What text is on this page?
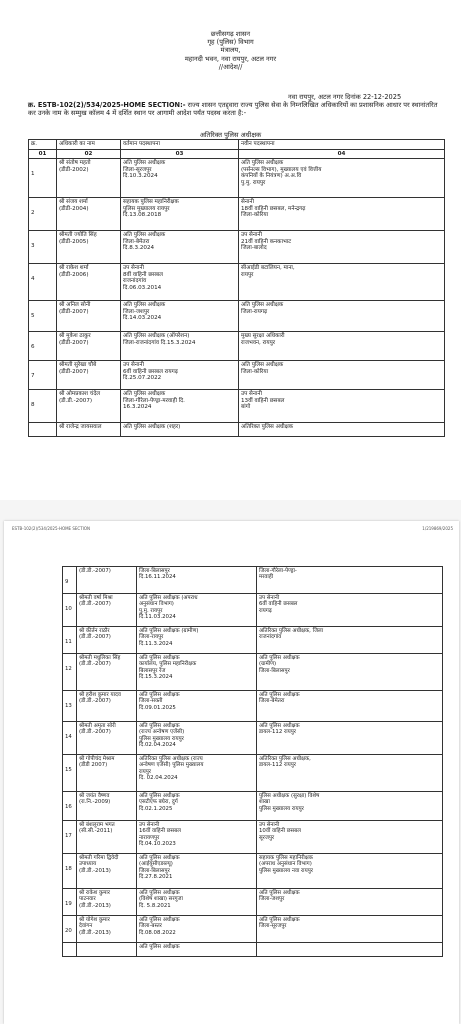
छत्तीसगढ़ शासन
गृह (पुलिस) विभाग
मंत्रालय,
महानदी भवन, नवा रायपुर, अटल नगर
//आदेश//
नवा रायपुर, अटल नगर दिनांक 22-12-2025
क्र. ESTB-102(2)/534/2025-HOME SECTION:- राज्य शासन एतद्द्वारा राज्य पुलिस सेवा के निम्नलिखित अधिकारियों का प्रशासनिक आधार पर स्थानांतरित कर उनके नाम के सम्मुख कॉलम 4 में दर्शित स्थान पर आगामी आदेश पर्यंत पदस्थ करता है:-
अतिरिक्त पुलिस अधीक्षक
क्र.	अधिकारी का नाम	वर्तमान पदस्थापना	नवीन पदस्थापना
01	02	03	04

1	श्री संतोष महतो
(डीडी-2002)	अति पुलिस अधीक्षक
जिला-सूरजपुर
दि.10.3.2024	अति पुलिस अधीक्षक
(पर्सनल्स विभाग), मुख्यालय एवं वित्तीय
कंपनियों के नियंत्रण) अ.अ.वि
पु.मु. रायपुर

2	श्री संजय शर्मा
(डीडी-2004)	सहायक पुलिस महानिरीक्षक
पुलिस मुख्यालय रायपुर
दि.13.08.2018	सेनानी
18वीं वाहिनी छसबल, मनेन्द्रगढ़
जिला-कोरिया

3	श्रीमती ज्योति सिंह
(डीडी-2005)	अति पुलिस अधीक्षक
जिला-बेमेतरा
दि.8.3.2024	उप सेनानी
21वीं वाहिनी कनकाभाट
जिला-बालोद

4	श्री राकेश शर्मा
(डीडी-2006)	उप सेनानी
8वीं वाहिनी छसबल
राजनांदगांव
दि.06.03.2014	सीआईडी बटालियन, माना,
रायपुर

5	श्री अनिल सोनी
(डीडी-2007)	अति पुलिस अधीक्षक
जिला-जशपुर
दि.14.03.2024	अति पुलिस अधीक्षक
जिला-रायगढ़

6	श्री मुकेश ठाकुर
(डीडी-2007)	अति पुलिस अधीक्षक (ऑपरेशन)
जिला-राजनांदगांव दि.15.3.2024	मुख्य सुरक्षा अधिकारी
राजभवन, रायपुर

7	श्रीमती सुरेखा चौबे
(डीडी-2007)	उप सेनानी
6वीं वाहिनी छसबल रायगढ़
दि.25.07.2022	अति पुलिस अधीक्षक
जिला-कोरिया

8	श्री ओमप्रकाश चंदेल
(डी.डी.-2007)	अति पुलिस अधीक्षक
जिला-गौरेला-पेण्ड्रा-मरवाही दि.
16.3.2024	उप सेनानी
13वीं वाहिनी छसबल
बांगो

	श्री राजेन्द्र जायसवाल	अति पुलिस अधीक्षक (शहर)	अतिरिक्त पुलिस अधीक्षक
ESTB-102(2)/534/2025-HOME SECTION	1/219869/2025
9	(डी.डी.-2007)	जिला-बिलासपुर
दि.16.11.2024	जिला-गौरेला-पेण्ड्रा-
मरवाही

10	श्रीमती वर्षा मिश्रा
(डी.डी.-2007)	अति पुलिस अधीक्षक (अपराध
अनुसंधान विभाग)
पु.मु. रायपुर
दि.11.03.2024	उप सेनानी
6वीं वाहिनी छसबल
रायगढ़

11	श्री कीर्तन राठौर
(डी.डी.-2007)	अति पुलिस अधीक्षक (ग्रामीण)
जिला-रायपुर
दि.11.3.2024	अतिरिक्त पुलिस अधीक्षक, जिला
राजनांदगांव

12	श्रीमती मधुलिका सिंह
(डी.डी.-2007)	अति पुलिस अधीक्षक
कार्यालय, पुलिस महानिरीक्षक
बिलासपुर रेंज
दि.15.3.2024	अति पुलिस अधीक्षक
(ग्रामीण)
जिला-बिलासपुर

13	श्री हरीश कुमार यादव
(डी.डी.-2007)	अति पुलिस अधीक्षक
जिला-सक्ती
दि.09.01.2025	अति पुलिस अधीक्षक
जिला-बेमेतरा

14	श्रीमती अमृता सोरी
(डी.डी.-2007)	अति पुलिस अधीक्षक
(राज्य अन्वेषण एजेंसी)
पुलिस मुख्यालय रायपुर
दि.02.04.2024	अति पुलिस अधीक्षक
डायल-112 रायपुर

15	श्री गोपीचंद मेश्राम
(डीडी 2007)	अतिरिक्त पुलिस अधीक्षक (राज्य
अन्वेषण एजेंसी) पुलिस मुख्यालय
रायपुर
दि. 02.04.2024	अतिरिक्त पुलिस अधीक्षक,
डायल-112 रायपुर

16	श्री जयंत वैष्णव
(रा.नि.-2009)	अति पुलिस अधीक्षक
एसटीएफ बघेरा, दुर्ग
दि.02.1.2025	पुलिस अधीक्षक (सुरक्षा) विशेष
शाखा
पुलिस मुख्यालय रायपुर

17	श्री बंशलूराम भगत
(सी.सी.-2011)	उप सेनानी
16वीं वाहिनी छसबल
नारायणपुर
दि.04.10.2023	उप सेनानी
10वीं वाहिनी छसबल
सूरजपुर

18	श्रीमती गरिमा द्विवेदी
उपाध्याय
(डी.डी.-2013)	अति पुलिस अधीक्षक
(आईयूसीएडब्ल्यू)
जिला-बिलासपुर
दि.27.8.2021	सहायक पुलिस महानिरीक्षक
(अपराध अनुसंधान विभाग)
पुलिस मुख्यालय नवा रायपुर

19	श्री राकेश कुमार
पाटनवार
(डी.डी.-2013)	अति पुलिस अधीक्षक
(विशेष शाखा) सरगुजा
दि. 5.8.2021	अति पुलिस अधीक्षक
जिला-जशपुर

20	श्री योगेश कुमार
देवांगन
(डी.डी.-2013)	अति पुलिस अधीक्षक
जिला-बस्तर
दि.08.08.2022	अति पुलिस अधीक्षक
जिला-सूरजपुर

		अति पुलिस अधीक्षक	
